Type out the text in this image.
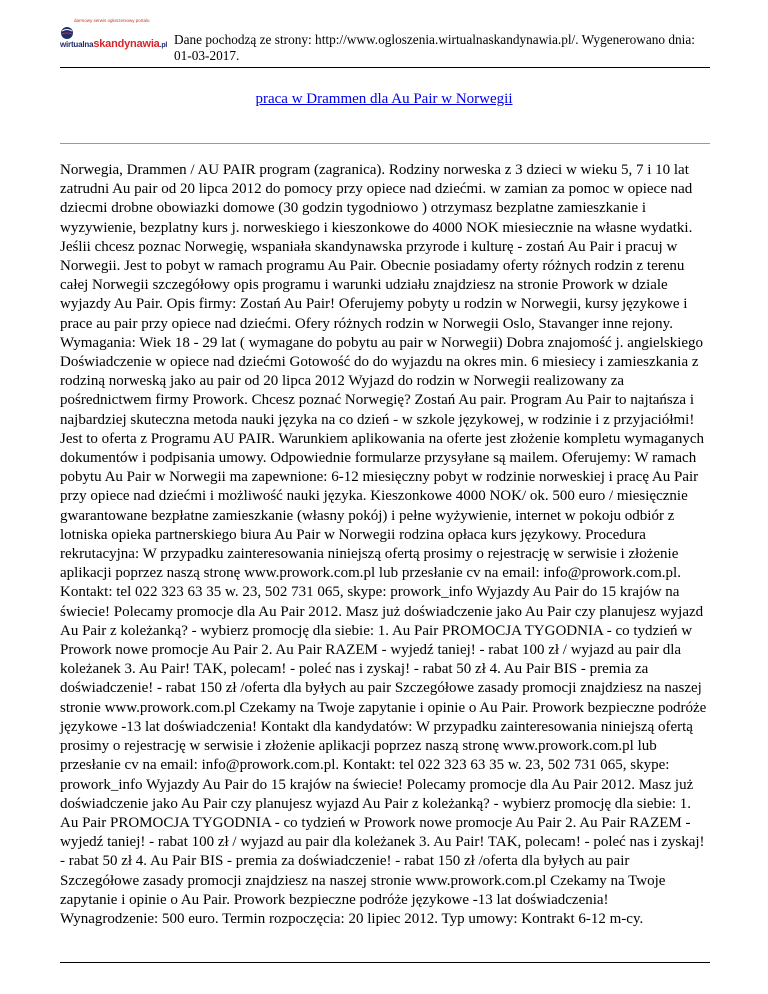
darmowy serwis ogłoszeniowy portalu
wirtualnaskandynawia.pl Dane pochodzą ze strony: http://www.ogloszenia.wirtualnaskandynawia.pl/. Wygenerowano dnia:
01-03-2017.
praca w Drammen dla Au Pair w Norwegii

Norwegia, Drammen / AU PAIR program (zagranica). Rodziny norweska z 3 dzieci w wieku 5, 7 i 10 lat zatrudni Au pair od 20 lipca 2012 do pomocy przy opiece nad dziećmi. w zamian za pomoc w opiece nad dziecmi drobne obowiazki domowe (30 godzin tygodniowo ) otrzymasz bezplatne zamieszkanie i wyzywienie, bezplatny kurs j. norweskiego i kieszonkowe do 4000 NOK miesiecznie na własne wydatki. Jeślii chcesz poznac Norwegię, wspaniała skandynawska przyrode i kulturę - zostań Au Pair i pracuj w Norwegii. Jest to pobyt w ramach programu Au Pair. Obecnie posiadamy oferty różnych rodzin z terenu całej Norwegii szczegółowy opis programu i warunki udziału znajdziesz na stronie Prowork w dziale wyjazdy Au Pair. Opis firmy: Zostań Au Pair! Oferujemy pobyty u rodzin w Norwegii, kursy językowe i prace au pair przy opiece nad dziećmi. Ofery różnych rodzin w Norwegii Oslo, Stavanger inne rejony. Wymagania: Wiek 18 - 29 lat ( wymagane do pobytu au pair w Norwegii) Dobra znajomość j. angielskiego Doświadczenie w opiece nad dziećmi Gotowość do do wyjazdu na okres min. 6 miesiecy i zamieszkania z rodziną norweską jako au pair od 20 lipca 2012 Wyjazd do rodzin w Norwegii realizowany za pośrednictwem firmy Prowork. Chcesz poznać Norwegię? Zostań Au pair. Program Au Pair to najtańsza i najbardziej skuteczna metoda nauki języka na co dzień - w szkole językowej, w rodzinie i z przyjaciółmi! Jest to oferta z Programu AU PAIR. Warunkiem aplikowania na oferte jest złożenie kompletu wymaganych dokumentów i podpisania umowy. Odpowiednie formularze przysyłane są mailem. Oferujemy: W ramach pobytu Au Pair w Norwegii ma zapewnione: 6-12 miesięczny pobyt w rodzinie norweskiej i pracę Au Pair przy opiece nad dziećmi i możliwość nauki języka. Kieszonkowe 4000 NOK/ ok. 500 euro / miesięcznie gwarantowane bezpłatne zamieszkanie (własny pokój) i pełne wyżywienie, internet w pokoju odbiór z lotniska opieka partnerskiego biura Au Pair w Norwegii rodzina opłaca kurs językowy. Procedura rekrutacyjna: W przypadku zainteresowania niniejszą ofertą prosimy o rejestrację w serwisie i złożenie aplikacji poprzez naszą stronę www.prowork.com.pl lub przesłanie cv na email: info@prowork.com.pl. Kontakt: tel 022 323 63 35 w. 23, 502 731 065, skype: prowork_info Wyjazdy Au Pair do 15 krajów na świecie! Polecamy promocje dla Au Pair 2012. Masz już doświadczenie jako Au Pair czy planujesz wyjazd Au Pair z koleżanką? - wybierz promocję dla siebie: 1. Au Pair PROMOCJA TYGODNIA - co tydzień w Prowork nowe promocje Au Pair 2. Au Pair RAZEM - wyjedź taniej! - rabat 100 zł / wyjazd au pair dla koleżanek 3. Au Pair! TAK, polecam! - poleć nas i zyskaj! - rabat 50 zł 4. Au Pair BIS - premia za doświadczenie! - rabat 150 zł /oferta dla byłych au pair Szczegółowe zasady promocji znajdziesz na naszej stronie www.prowork.com.pl Czekamy na Twoje zapytanie i opinie o Au Pair. Prowork bezpieczne podróże językowe -13 lat doświadczenia! Kontakt dla kandydatów: W przypadku zainteresowania niniejszą ofertą prosimy o rejestrację w serwisie i złożenie aplikacji poprzez naszą stronę www.prowork.com.pl lub przesłanie cv na email: info@prowork.com.pl. Kontakt: tel 022 323 63 35 w. 23, 502 731 065, skype: prowork_info Wyjazdy Au Pair do 15 krajów na świecie! Polecamy promocje dla Au Pair 2012. Masz już doświadczenie jako Au Pair czy planujesz wyjazd Au Pair z koleżanką? - wybierz promocję dla siebie: 1. Au Pair PROMOCJA TYGODNIA - co tydzień w Prowork nowe promocje Au Pair 2. Au Pair RAZEM - wyjedź taniej! - rabat 100 zł / wyjazd au pair dla koleżanek 3. Au Pair! TAK, polecam! - poleć nas i zyskaj! - rabat 50 zł 4. Au Pair BIS - premia za doświadczenie! - rabat 150 zł /oferta dla byłych au pair Szczegółowe zasady promocji znajdziesz na naszej stronie www.prowork.com.pl Czekamy na Twoje zapytanie i opinie o Au Pair. Prowork bezpieczne podróże językowe -13 lat doświadczenia! Wynagrodzenie: 500 euro. Termin rozpoczęcia: 20 lipiec 2012. Typ umowy: Kontrakt 6-12 m-cy.
